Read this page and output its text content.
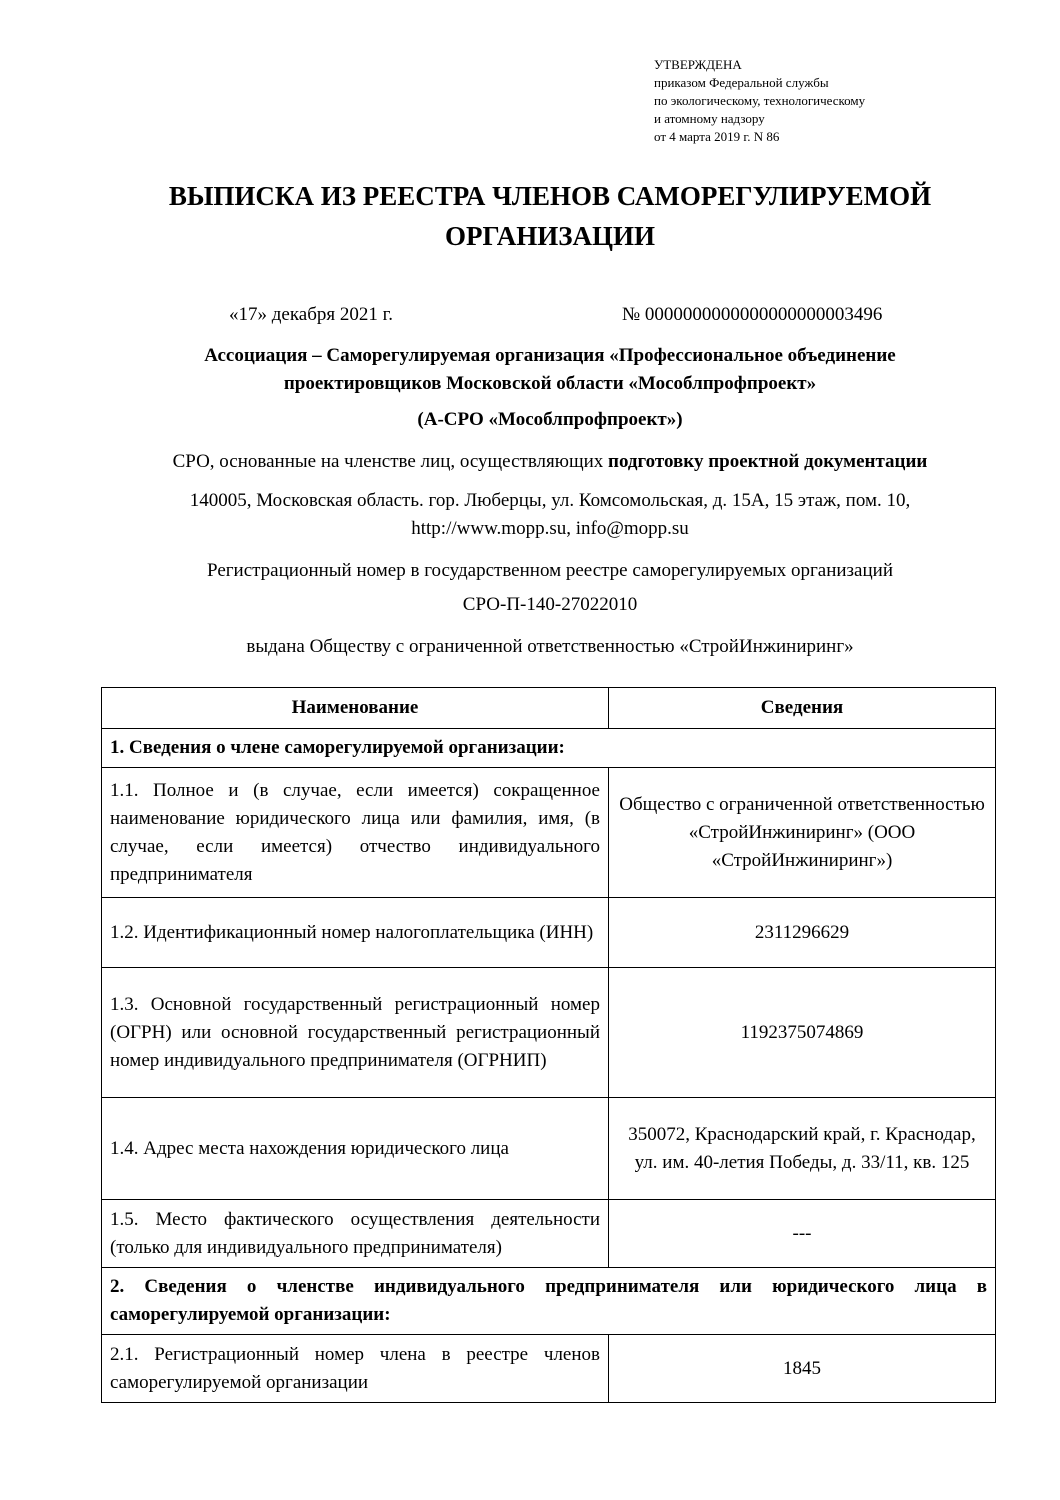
УТВЕРЖДЕНА
приказом Федеральной службы
по экологическому, технологическому
и атомному надзору
от 4 марта 2019 г. N 86
ВЫПИСКА ИЗ РЕЕСТРА ЧЛЕНОВ САМОРЕГУЛИРУЕМОЙ
ОРГАНИЗАЦИИ
«17» декабря 2021 г.	№ 0000000000000000000003496
Ассоциация – Саморегулируемая организация «Профессиональное объединение
проектировщиков Московской области «Мособлпрофпроект»
(А-СРО «Мособлпрофпроект»)
СРО, основанные на членстве лиц, осуществляющих подготовку проектной документации
140005, Московская область. гор. Люберцы, ул. Комсомольская, д. 15А, 15 этаж, пом. 10,
http://www.mopp.su, info@mopp.su
Регистрационный номер в государственном реестре саморегулируемых организаций
СРО-П-140-27022010
выдана Обществу с ограниченной ответственностью «СтройИнжиниринг»
Наименование	Сведения
1. Сведения о члене саморегулируемой организации:	
1.1. Полное и (в случае, если имеется) сокращенное наименование юридического лица или фамилия, имя, (в случае, если имеется) отчество индивидуального предпринимателя	Общество с ограниченной ответственностью «СтройИнжиниринг» (ООО «СтройИнжиниринг»)
1.2. Идентификационный номер налогоплательщика (ИНН)	2311296629
1.3. Основной государственный регистрационный номер (ОГРН) или основной государственный регистрационный номер индивидуального предпринимателя (ОГРНИП)	1192375074869
1.4. Адрес места нахождения юридического лица	350072, Краснодарский край, г. Краснодар, ул. им. 40-летия Победы, д. 33/11, кв. 125
1.5. Место фактического осуществления деятельности (только для индивидуального предпринимателя)	---
2. Сведения о членстве индивидуального предпринимателя или юридического лица в саморегулируемой организации:	
2.1. Регистрационный номер члена в реестре членов саморегулируемой организации	1845
